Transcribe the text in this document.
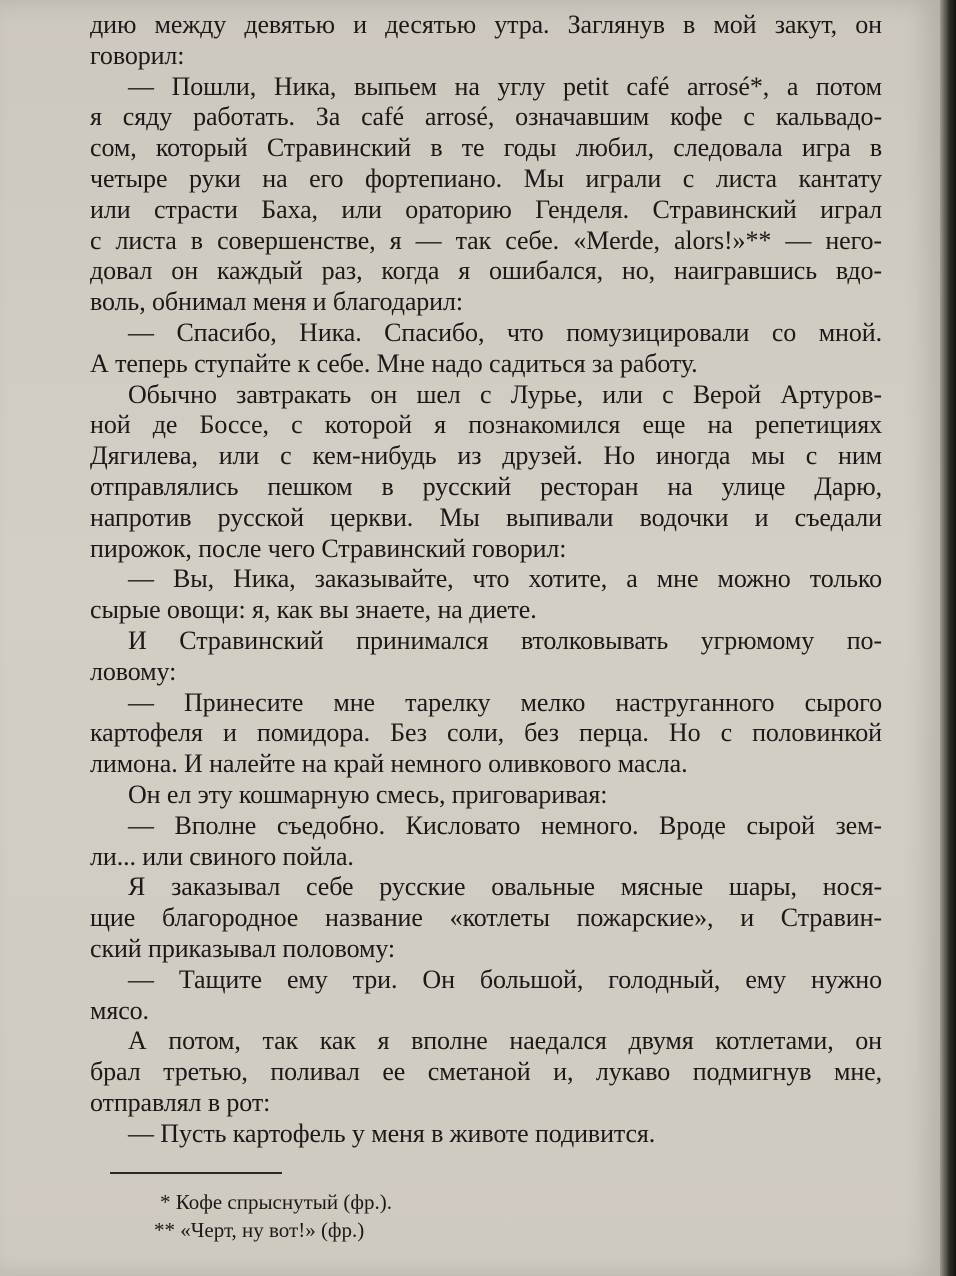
дию между девятью и десятью утра. Заглянув в мой закут, он
говорил:
— Пошли, Ника, выпьем на углу petit café arrosé*, а потом
я сяду работать. За café arrosé, означавшим кофе с кальвадо-
сом, который Стравинский в те годы любил, следовала игра в
четыре руки на его фортепиано. Мы играли с листа кантату
или страсти Баха, или ораторию Генделя. Стравинский играл
с листа в совершенстве, я — так себе. «Merde, alors!»** — него-
довал он каждый раз, когда я ошибался, но, наигравшись вдо-
воль, обнимал меня и благодарил:
— Спасибо, Ника. Спасибо, что помузицировали со мной.
А теперь ступайте к себе. Мне надо садиться за работу.
Обычно завтракать он шел с Лурье, или с Верой Артуров-
ной де Боссе, с которой я познакомился еще на репетициях
Дягилева, или с кем-нибудь из друзей. Но иногда мы с ним
отправлялись пешком в русский ресторан на улице Дарю,
напротив русской церкви. Мы выпивали водочки и съедали
пирожок, после чего Стравинский говорил:
— Вы, Ника, заказывайте, что хотите, а мне можно только
сырые овощи: я, как вы знаете, на диете.
И Стравинский принимался втолковывать угрюмому по-
ловому:
— Принесите мне тарелку мелко наструганного сырого
картофеля и помидора. Без соли, без перца. Но с половинкой
лимона. И налейте на край немного оливкового масла.
Он ел эту кошмарную смесь, приговаривая:
— Вполне съедобно. Кисловато немного. Вроде сырой зем-
ли... или свиного пойла.
Я заказывал себе русские овальные мясные шары, нося-
щие благородное название «котлеты пожарские», и Стравин-
ский приказывал половому:
— Тащите ему три. Он большой, голодный, ему нужно
мясо.
А потом, так как я вполне наедался двумя котлетами, он
брал третью, поливал ее сметаной и, лукаво подмигнув мне,
отправлял в рот:
— Пусть картофель у меня в животе подивится.
* Кофе спрыснутый (фр.).
** «Черт, ну вот!» (фр.)
